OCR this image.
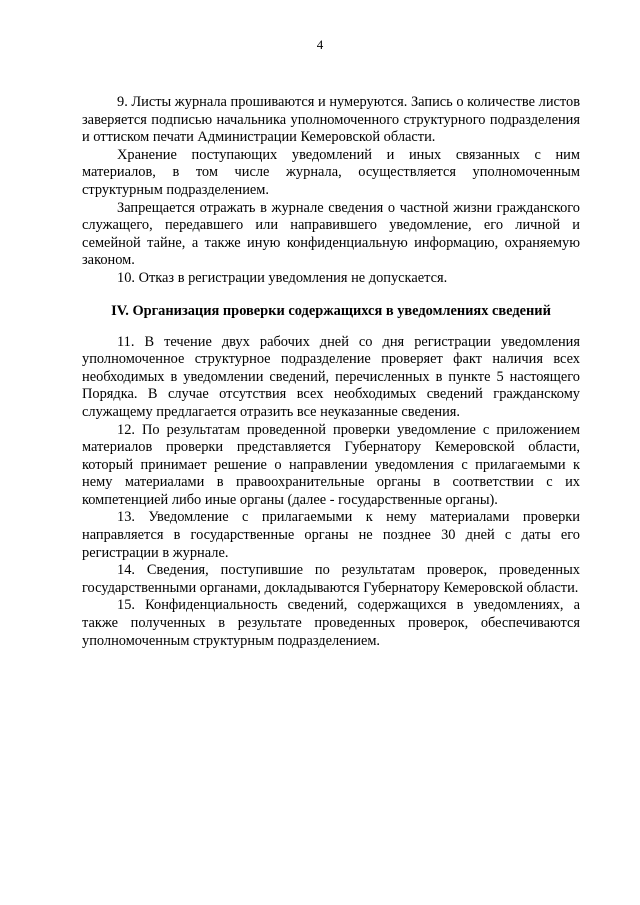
4

9. Листы журнала прошиваются и нумеруются. Запись о количестве листов заверяется подписью начальника уполномоченного структурного подразделения и оттиском печати Администрации Кемеровской области.

Хранение поступающих уведомлений и иных связанных с ним материалов, в том числе журнала, осуществляется уполномоченным структурным подразделением.

Запрещается отражать в журнале сведения о частной жизни гражданского служащего, передавшего или направившего уведомление, его личной и семейной тайне, а также иную конфиденциальную информацию, охраняемую законом.

10. Отказ в регистрации уведомления не допускается.

IV. Организация проверки содержащихся в уведомлениях сведений

11. В течение двух рабочих дней со дня регистрации уведомления уполномоченное структурное подразделение проверяет факт наличия всех необходимых в уведомлении сведений, перечисленных в пункте 5 настоящего Порядка. В случае отсутствия всех необходимых сведений гражданскому служащему предлагается отразить все неуказанные сведения.

12. По результатам проведенной проверки уведомление с приложением материалов проверки представляется Губернатору Кемеровской области, который принимает решение о направлении уведомления с прилагаемыми к нему материалами в правоохранительные органы в соответствии с их компетенцией либо иные органы (далее - государственные органы).

13. Уведомление с прилагаемыми к нему материалами проверки направляется в государственные органы не позднее 30 дней с даты его регистрации в журнале.

14. Сведения, поступившие по результатам проверок, проведенных государственными органами, докладываются Губернатору Кемеровской области.

15. Конфиденциальность сведений, содержащихся в уведомлениях, а также полученных в результате проведенных проверок, обеспечиваются уполномоченным структурным подразделением.
